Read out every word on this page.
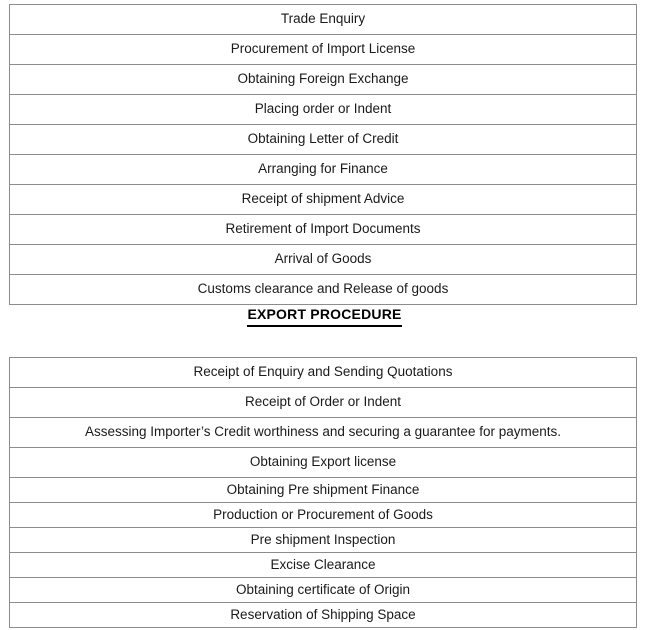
Trade Enquiry
Procurement of Import License
Obtaining Foreign Exchange
Placing order or Indent
Obtaining Letter of Credit
Arranging for Finance
Receipt of shipment Advice
Retirement of Import Documents
Arrival of Goods
Customs clearance and Release of goods
EXPORT PROCEDURE
Receipt of Enquiry and Sending Quotations
Receipt of Order or Indent
Assessing Importer’s Credit worthiness and securing a guarantee for payments.
Obtaining Export license
Obtaining Pre shipment Finance
Production or Procurement of Goods
Pre shipment Inspection
Excise Clearance
Obtaining certificate of Origin
Reservation of Shipping Space
